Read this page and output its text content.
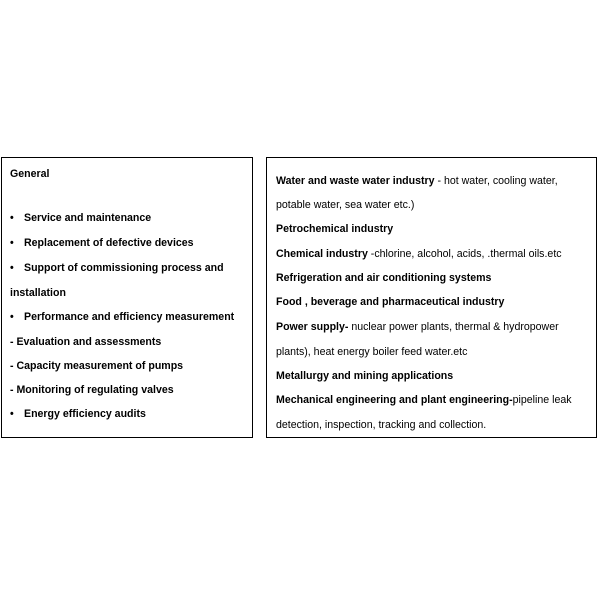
General
• Service and maintenance
• Replacement of defective devices
• Support of commissioning process and
installation
• Performance and efficiency measurement
- Evaluation and assessments
- Capacity measurement of pumps
- Monitoring of regulating valves
• Energy efficiency audits
Water and waste water industry - hot water, cooling water,
potable water, sea water etc.)
Petrochemical industry
Chemical industry -chlorine, alcohol, acids, .thermal oils.etc
Refrigeration and air conditioning systems
Food , beverage and pharmaceutical industry
Power supply- nuclear power plants, thermal & hydropower
plants), heat energy boiler feed water.etc
Metallurgy and mining applications
Mechanical engineering and plant engineering-pipeline leak
detection, inspection, tracking and collection.
